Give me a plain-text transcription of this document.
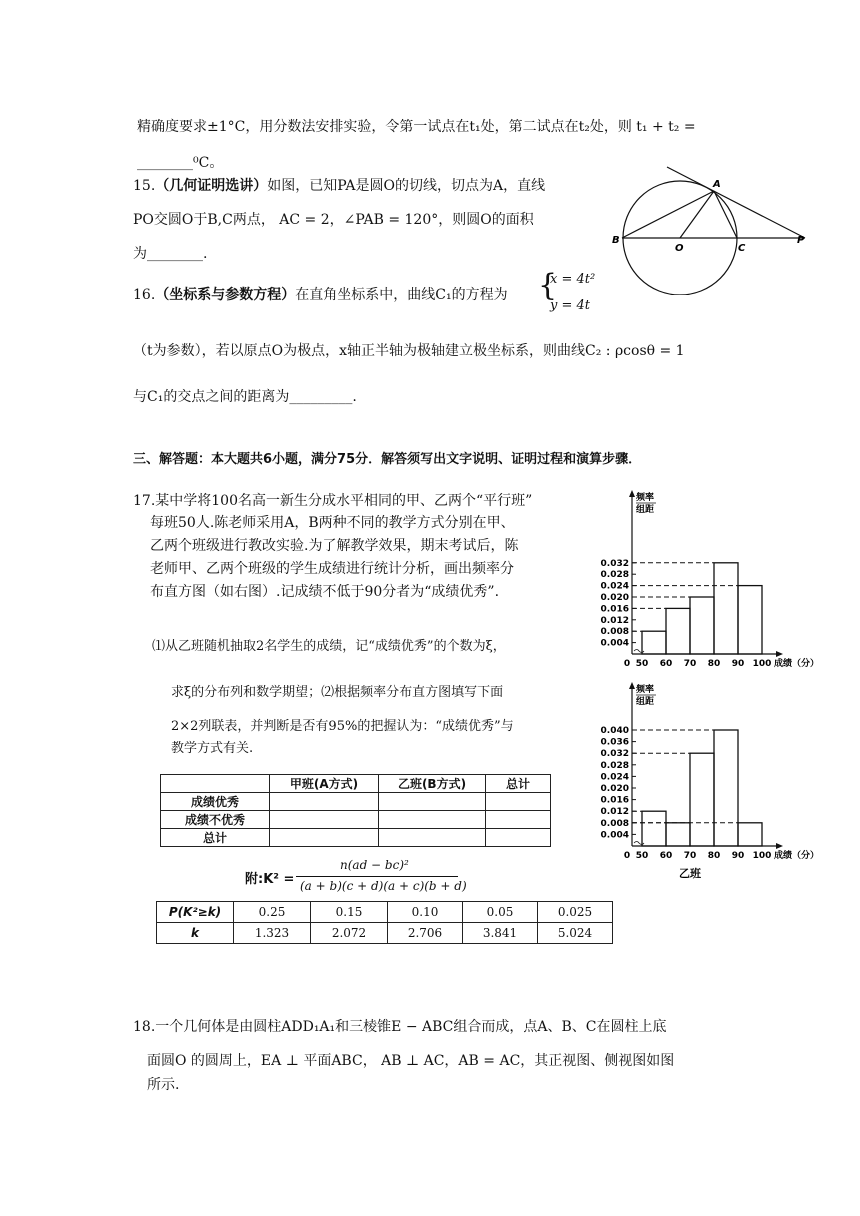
精确度要求±1°C，用分数法安排实验，令第一试点在t₁处，第二试点在t₂处，则 t₁ + t₂ =
________⁰C。
15.（几何证明选讲）如图，已知PA是圆O的切线，切点为A，直线
PO交圆O于B,C两点， AC = 2，∠PAB = 120°，则圆O的面积
为________.
A
B
O	C
P
16.（坐标系与参数方程）在直角坐标系中，曲线C₁的方程为 {
x = 4t²
y = 4t
（t为参数），若以原点O为极点，x轴正半轴为极轴建立极坐标系，则曲线C₂ : ρcosθ = 1
与C₁的交点之间的距离为_________.
三、解答题：本大题共6小题，满分75分．解答须写出文字说明、证明过程和演算步骤．
17.某中学将100名高一新生分成水平相同的甲、乙两个“平行班”
每班50人.陈老师采用A，B两种不同的教学方式分别在甲、
乙两个班级进行教改实验.为了解教学效果，期末考试后，陈
老师甲、乙两个班级的学生成绩进行统计分析，画出频率分
布直方图（如右图）.记成绩不低于90分者为“成绩优秀”.
⑴从乙班随机抽取2名学生的成绩，记“成绩优秀”的个数为ξ，
求ξ的分布列和数学期望；⑵根据频率分布直方图填写下面
2×2列联表，并判断是否有95%的把握认为：“成绩优秀”与
教学方式有关.
	甲班(A方式)	乙班(B方式)	总计
成绩优秀			
成绩不优秀			
总计			
附:K² =
n(ad − bc)²
(a + b)(c + d)(a + c)(b + d)
P(K²≥k)	0.25	0.15	0.10	0.05	0.025
k	1.323	2.072	2.706	3.841	5.024
频率
组距
0.032
0.028
0.024
0.020
0.016
0.012
0.008
0.004
0 50 60 70 80 90 100 成绩（分）
频率
组距
0.040
0.036
0.032
0.028
0.024
0.020
0.016
0.012
0.008
0.004
0 50 60 70 80 90 100 成绩（分）
乙班
18.一个几何体是由圆柱ADD₁A₁和三棱锥E − ABC组合而成，点A、B、C在圆柱上底
面圆O 的圆周上，EA ⊥ 平面ABC， AB ⊥ AC，AB = AC，其正视图、侧视图如图
所示.
